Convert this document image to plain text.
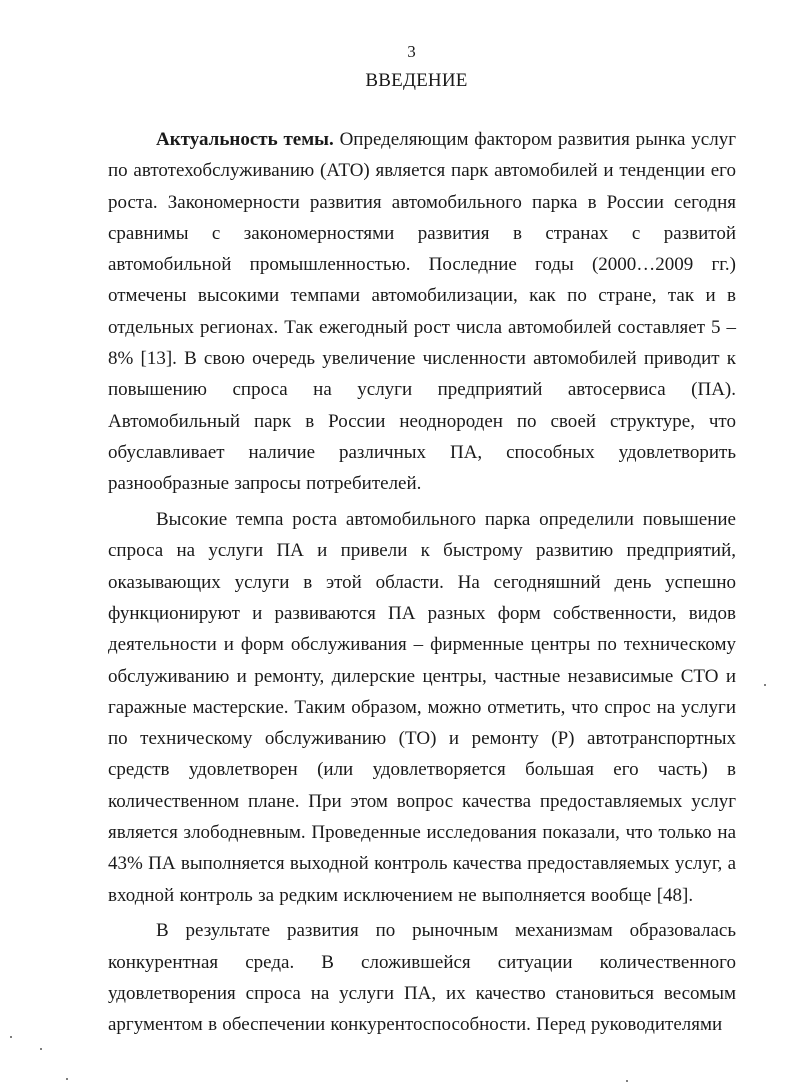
3
ВВЕДЕНИЕ

Актуальность темы. Определяющим фактором развития рынка услуг по автотехобслуживанию (АТО) является парк автомобилей и тенденции его роста. Закономерности развития автомобильного парка в России сегодня сравнимы с закономерностями развития в странах с развитой автомобильной промышленностью. Последние годы (2000…2009 гг.) отмечены высокими темпами автомобилизации, как по стране, так и в отдельных регионах. Так ежегодный рост числа автомобилей составляет 5 – 8% [13]. В свою очередь увеличение численности автомобилей приводит к повышению спроса на услуги предприятий автосервиса (ПА). Автомобильный парк в России неоднороден по своей структуре, что обуславливает наличие различных ПА, способных удовлетворить разнообразные запросы потребителей.

Высокие темпа роста автомобильного парка определили повышение спроса на услуги ПА и привели к быстрому развитию предприятий, оказывающих услуги в этой области. На сегодняшний день успешно функционируют и развиваются ПА разных форм собственности, видов деятельности и форм обслуживания – фирменные центры по техническому обслуживанию и ремонту, дилерские центры, частные независимые СТО и гаражные мастерские. Таким образом, можно отметить, что спрос на услуги по техническому обслуживанию (ТО) и ремонту (Р) автотранспортных средств удовлетворен (или удовлетворяется большая его часть) в количественном плане. При этом вопрос качества предоставляемых услуг является злободневным. Проведенные исследования показали, что только на 43% ПА выполняется выходной контроль качества предоставляемых услуг, а входной контроль за редким исключением не выполняется вообще [48].

В результате развития по рыночным механизмам образовалась конкурентная среда. В сложившейся ситуации количественного удовлетворения спроса на услуги ПА, их качество становиться весомым аргументом в обеспечении конкурентоспособности. Перед руководителями
